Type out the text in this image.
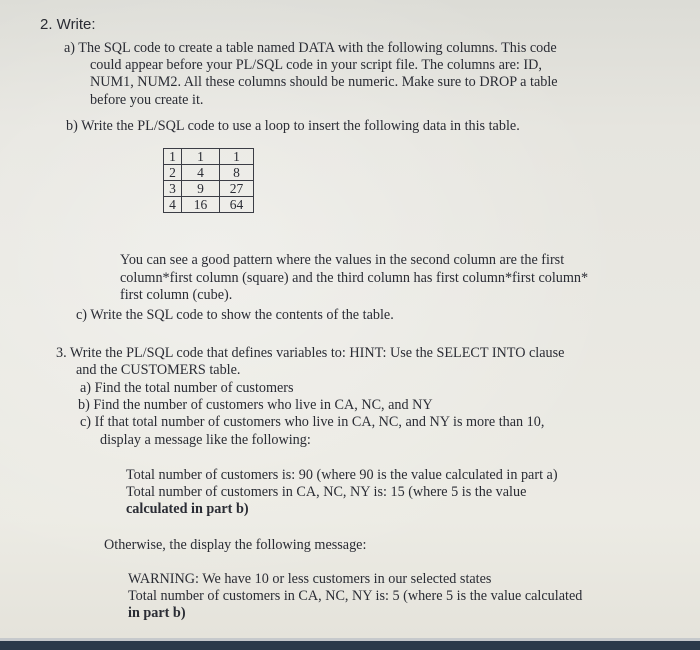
2. Write:
a) The SQL code to create a table named DATA with the following columns. This code
could appear before your PL/SQL code in your script file. The columns are: ID,
NUM1, NUM2. All these columns should be numeric. Make sure to DROP a table
before you create it.
b) Write the PL/SQL code to use a loop to insert the following data in this table.
1	1	1
2	4	8
3	9	27
4	16	64
You can see a good pattern where the values in the second column are the first
column*first column (square) and the third column has first column*first column*
first column (cube).
c) Write the SQL code to show the contents of the table.
3. Write the PL/SQL code that defines variables to: HINT: Use the SELECT INTO clause
and the CUSTOMERS table.
a) Find the total number of customers
b) Find the number of customers who live in CA, NC, and NY
c) If that total number of customers who live in CA, NC, and NY is more than 10,
display a message like the following:
Total number of customers is: 90 (where 90 is the value calculated in part a)
Total number of customers in CA, NC, NY is: 15 (where 5 is the value
calculated in part b)
Otherwise, the display the following message:
WARNING: We have 10 or less customers in our selected states
Total number of customers in CA, NC, NY is: 5 (where 5 is the value calculated
in part b)
